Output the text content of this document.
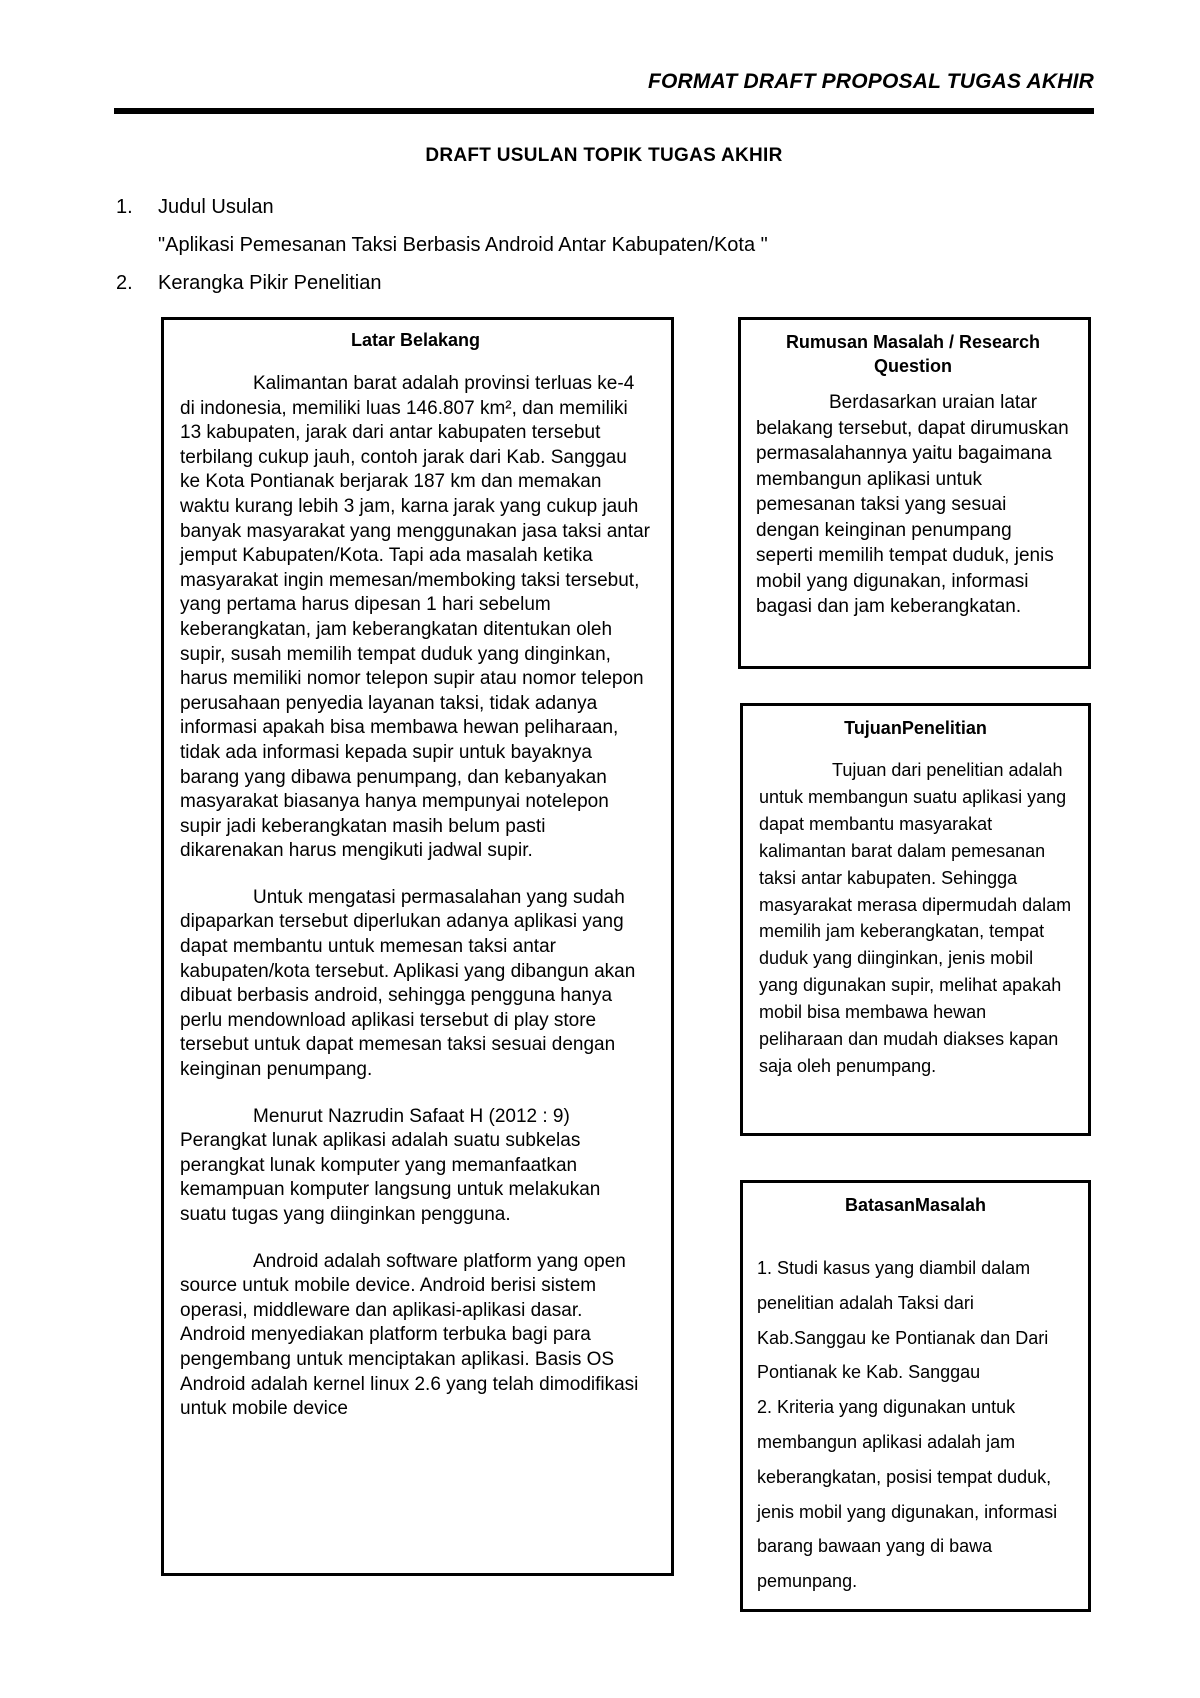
FORMAT DRAFT PROPOSAL TUGAS AKHIR
DRAFT USULAN TOPIK TUGAS AKHIR
1. Judul Usulan
"Aplikasi Pemesanan Taksi Berbasis Android Antar Kabupaten/Kota "
2. Kerangka Pikir Penelitian
Latar Belakang
Kalimantan barat adalah provinsi terluas ke-4 di indonesia, memiliki luas 146.807 km², dan memiliki 13 kabupaten, jarak dari antar kabupaten tersebut terbilang cukup jauh, contoh jarak dari Kab. Sanggau ke Kota Pontianak berjarak 187 km dan memakan waktu kurang lebih 3 jam, karna jarak yang cukup jauh banyak masyarakat yang menggunakan jasa taksi antar jemput Kabupaten/Kota. Tapi ada masalah ketika masyarakat ingin memesan/memboking taksi tersebut, yang pertama harus dipesan 1 hari sebelum keberangkatan, jam keberangkatan ditentukan oleh supir, susah memilih tempat duduk yang dinginkan, harus memiliki nomor telepon supir atau nomor telepon perusahaan penyedia layanan taksi, tidak adanya informasi apakah bisa membawa hewan peliharaan, tidak ada informasi kepada supir untuk bayaknya barang yang dibawa penumpang, dan kebanyakan masyarakat biasanya hanya mempunyai notelepon supir jadi keberangkatan masih belum pasti dikarenakan harus mengikuti jadwal supir.
Untuk mengatasi permasalahan yang sudah dipaparkan tersebut diperlukan adanya aplikasi yang dapat membantu untuk memesan taksi antar kabupaten/kota tersebut. Aplikasi yang dibangun akan dibuat berbasis android, sehingga pengguna hanya perlu mendownload aplikasi tersebut di play store tersebut untuk dapat memesan taksi sesuai dengan keinginan penumpang.
Menurut Nazrudin Safaat H (2012 : 9) Perangkat lunak aplikasi adalah suatu subkelas perangkat lunak komputer yang memanfaatkan kemampuan komputer langsung untuk melakukan suatu tugas yang diinginkan pengguna.
Android adalah software platform yang open source untuk mobile device. Android berisi sistem operasi, middleware dan aplikasi-aplikasi dasar. Android menyediakan platform terbuka bagi para pengembang untuk menciptakan aplikasi. Basis OS Android adalah kernel linux 2.6 yang telah dimodifikasi untuk mobile device
Rumusan Masalah / Research Question
Berdasarkan uraian latar belakang tersebut, dapat dirumuskan permasalahannya yaitu bagaimana membangun aplikasi untuk pemesanan taksi yang sesuai dengan keinginan penumpang seperti memilih tempat duduk, jenis mobil yang digunakan, informasi bagasi dan jam keberangkatan.
TujuanPenelitian
Tujuan dari penelitian adalah untuk membangun suatu aplikasi yang dapat membantu masyarakat kalimantan barat dalam pemesanan taksi antar kabupaten. Sehingga masyarakat merasa dipermudah dalam memilih jam keberangkatan, tempat duduk yang diinginkan, jenis mobil yang digunakan supir, melihat apakah mobil bisa membawa hewan peliharaan dan mudah diakses kapan saja oleh penumpang.
BatasanMasalah
1. Studi kasus yang diambil dalam penelitian adalah Taksi dari Kab.Sanggau ke Pontianak dan Dari Pontianak ke Kab. Sanggau
2. Kriteria yang digunakan untuk membangun aplikasi adalah jam keberangkatan, posisi tempat duduk, jenis mobil yang digunakan, informasi barang bawaan yang di bawa pemunpang.
